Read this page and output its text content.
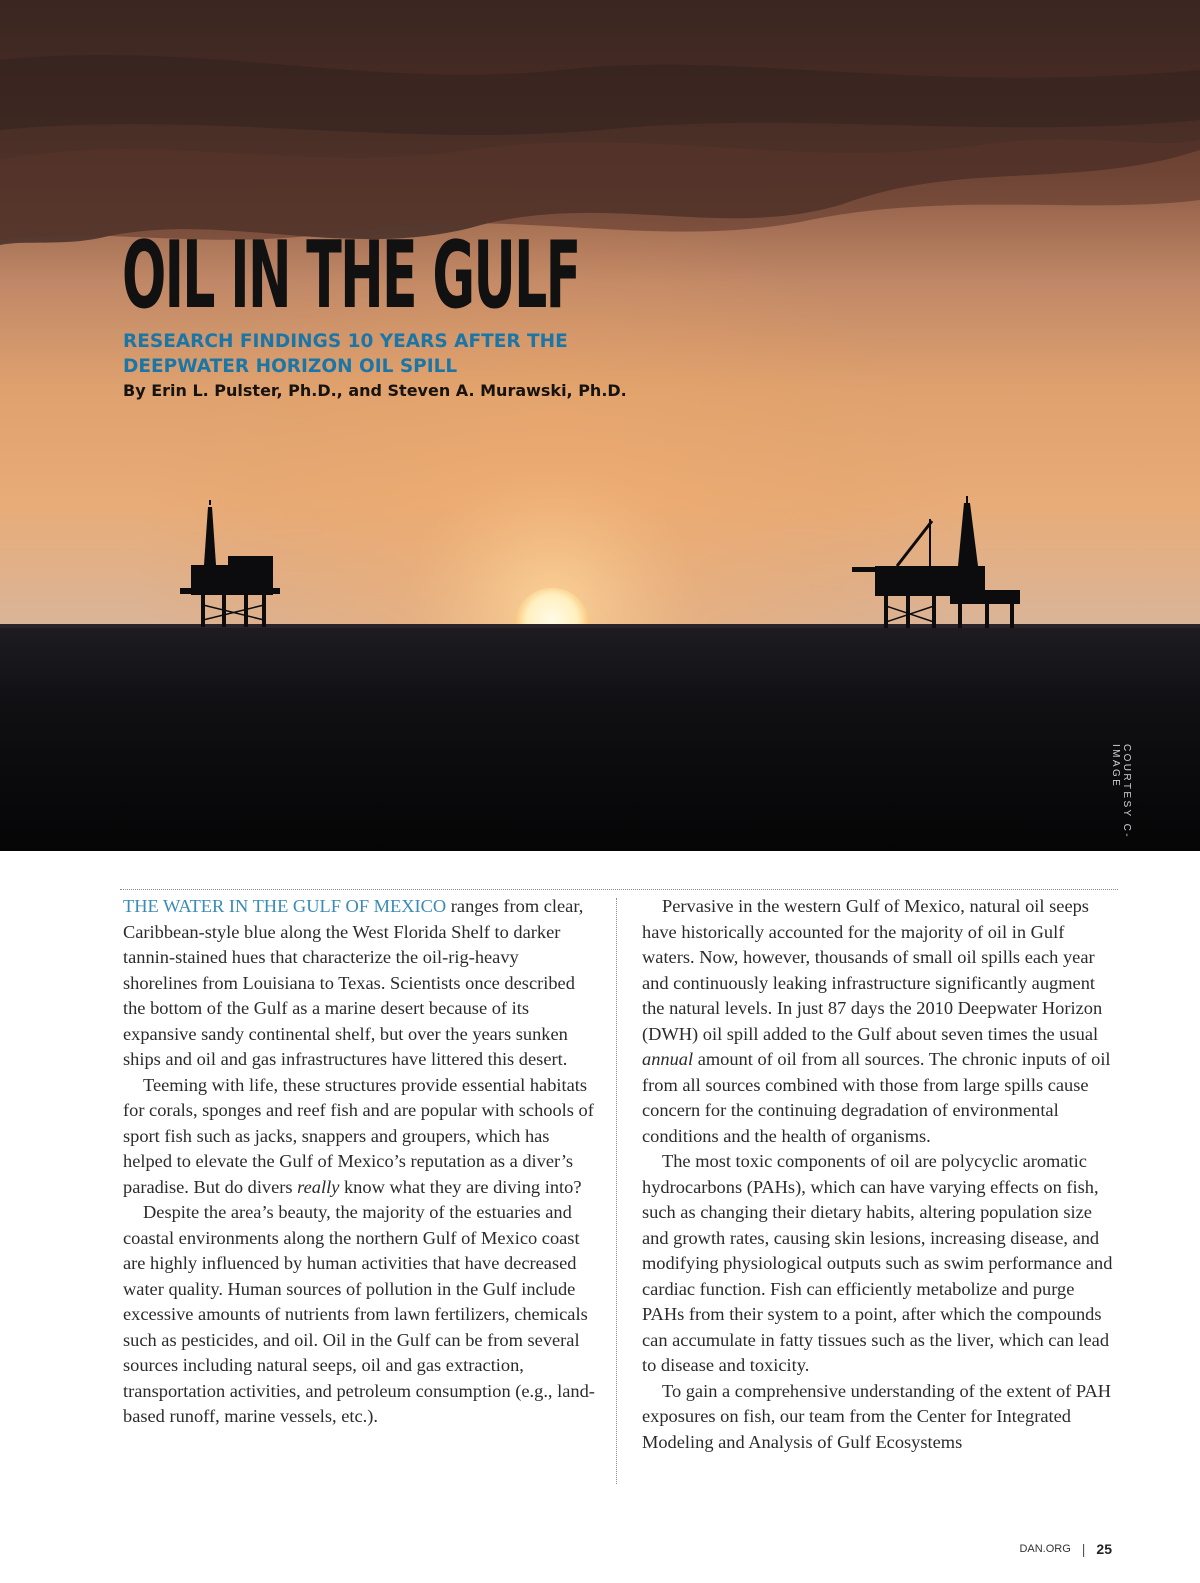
OIL IN THE GULF
RESEARCH FINDINGS 10 YEARS AFTER THE
DEEPWATER HORIZON OIL SPILL

By Erin L. Pulster, Ph.D., and Steven A. Murawski, Ph.D.

COURTESY C-IMAGE

THE WATER IN THE GULF OF MEXICO ranges from clear, Caribbean-style blue along the West Florida Shelf to darker tannin-stained hues that characterize the oil-rig-heavy shorelines from Louisiana to Texas. Scientists once described the bottom of the Gulf as a marine desert because of its expansive sandy continental shelf, but over the years sunken ships and oil and gas infrastructures have littered this desert.

Teeming with life, these structures provide essential habitats for corals, sponges and reef fish and are popular with schools of sport fish such as jacks, snappers and groupers, which has helped to elevate the Gulf of Mexico’s reputation as a diver’s paradise. But do divers really know what they are diving into?

Despite the area’s beauty, the majority of the estuaries and coastal environments along the northern Gulf of Mexico coast are highly influenced by human activities that have decreased water quality. Human sources of pollution in the Gulf include excessive amounts of nutrients from lawn fertilizers, chemicals such as pesticides, and oil. Oil in the Gulf can be from several sources including natural seeps, oil and gas extraction, transportation activities, and petroleum consumption (e.g., land-based runoff, marine vessels, etc.).

Pervasive in the western Gulf of Mexico, natural oil seeps have historically accounted for the majority of oil in Gulf waters. Now, however, thousands of small oil spills each year and continuously leaking infrastructure significantly augment the natural levels. In just 87 days the 2010 Deepwater Horizon (DWH) oil spill added to the Gulf about seven times the usual annual amount of oil from all sources. The chronic inputs of oil from all sources combined with those from large spills cause concern for the continuing degradation of environmental conditions and the health of organisms.

The most toxic components of oil are polycyclic aromatic hydrocarbons (PAHs), which can have varying effects on fish, such as changing their dietary habits, altering population size and growth rates, causing skin lesions, increasing disease, and modifying physiological outputs such as swim performance and cardiac function. Fish can efficiently metabolize and purge PAHs from their system to a point, after which the compounds can accumulate in fatty tissues such as the liver, which can lead to disease and toxicity.

To gain a comprehensive understanding of the extent of PAH exposures on fish, our team from the Center for Integrated Modeling and Analysis of Gulf Ecosystems

DAN.ORG | 25
